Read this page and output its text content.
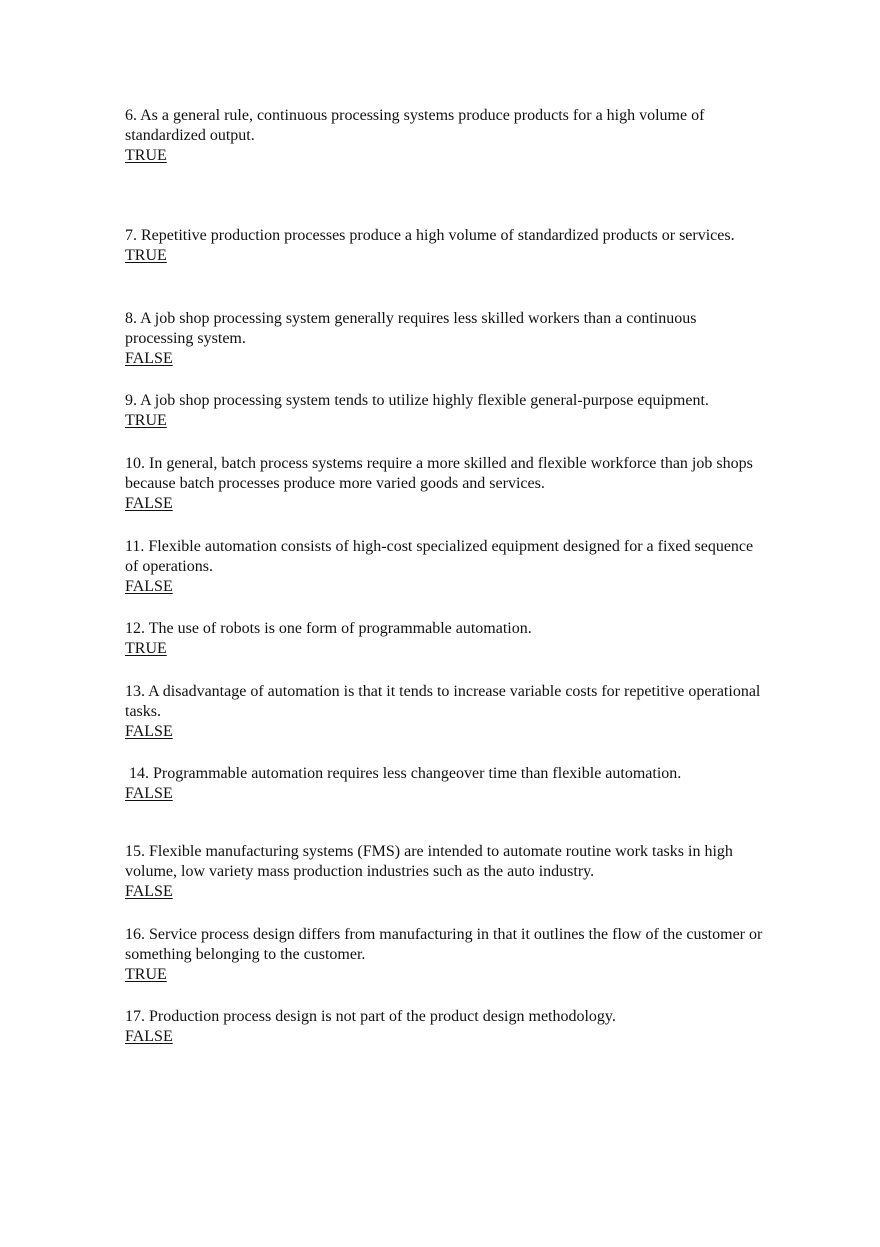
6. As a general rule, continuous processing systems produce products for a high volume of standardized output.
TRUE
7. Repetitive production processes produce a high volume of standardized products or services.
TRUE
8. A job shop processing system generally requires less skilled workers than a continuous processing system.
FALSE
9. A job shop processing system tends to utilize highly flexible general-purpose equipment.
TRUE
10. In general, batch process systems require a more skilled and flexible workforce than job shops because batch processes produce more varied goods and services.
FALSE
11. Flexible automation consists of high-cost specialized equipment designed for a fixed sequence of operations.
FALSE
12. The use of robots is one form of programmable automation.
TRUE
13. A disadvantage of automation is that it tends to increase variable costs for repetitive operational tasks.
FALSE
14. Programmable automation requires less changeover time than flexible automation.
FALSE
15. Flexible manufacturing systems (FMS) are intended to automate routine work tasks in high volume, low variety mass production industries such as the auto industry.
FALSE
16. Service process design differs from manufacturing in that it outlines the flow of the customer or something belonging to the customer.
TRUE
17. Production process design is not part of the product design methodology.
FALSE
